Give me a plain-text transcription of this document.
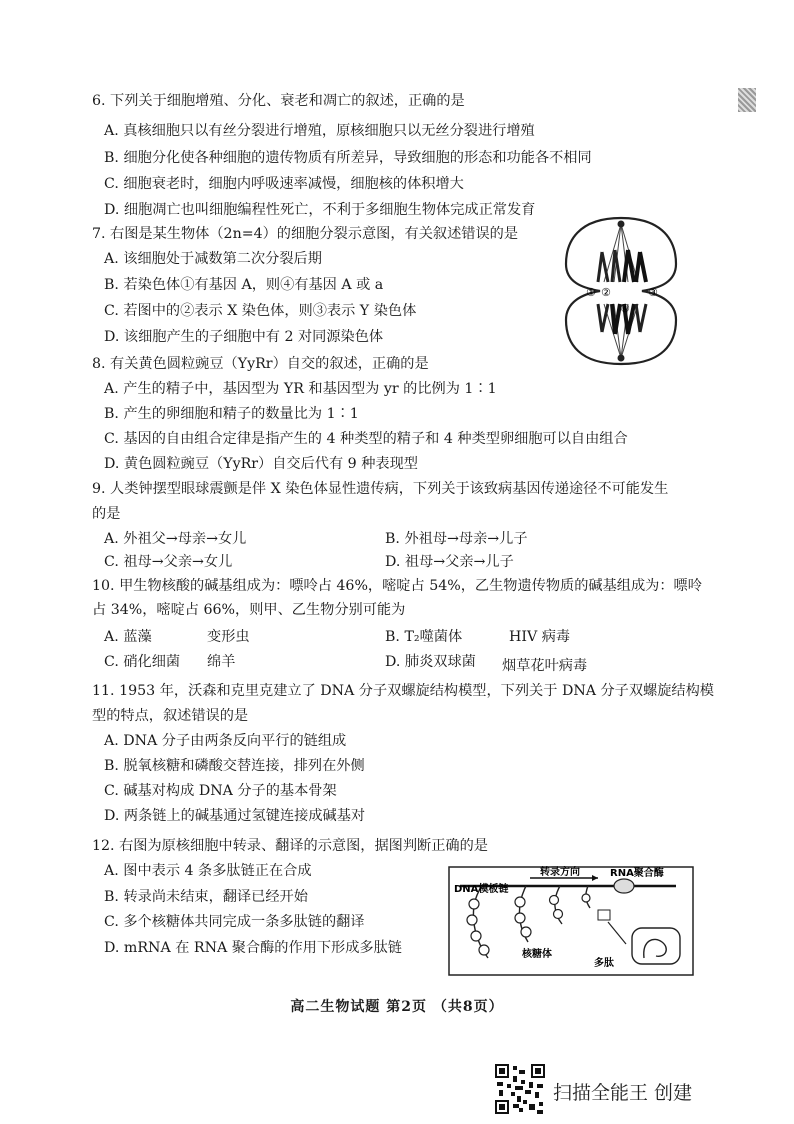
6. 下列关于细胞增殖、分化、衰老和凋亡的叙述，正确的是
A. 真核细胞只以有丝分裂进行增殖，原核细胞只以无丝分裂进行增殖
B. 细胞分化使各种细胞的遗传物质有所差异，导致细胞的形态和功能各不相同
C. 细胞衰老时，细胞内呼吸速率减慢，细胞核的体积增大
D. 细胞凋亡也叫细胞编程性死亡，不利于多细胞生物体完成正常发育
7. 右图是某生物体（2n=4）的细胞分裂示意图，有关叙述错误的是
A. 该细胞处于减数第二次分裂后期
B. 若染色体①有基因 A，则④有基因 A 或 a
C. 若图中的②表示 X 染色体，则③表示 Y 染色体
D. 该细胞产生的子细胞中有 2 对同源染色体
① ②	③
④
8. 有关黄色圆粒豌豆（YyRr）自交的叙述，正确的是
A. 产生的精子中，基因型为 YR 和基因型为 yr 的比例为 1∶1
B. 产生的卵细胞和精子的数量比为 1∶1
C. 基因的自由组合定律是指产生的 4 种类型的精子和 4 种类型卵细胞可以自由组合
D. 黄色圆粒豌豆（YyRr）自交后代有 9 种表现型
9. 人类钟摆型眼球震颤是伴 X 染色体显性遗传病，下列关于该致病基因传递途径不可能发生
的是
A. 外祖父→母亲→女儿	B. 外祖母→母亲→儿子
C. 祖母→父亲→女儿	D. 祖母→父亲→儿子
10. 甲生物核酸的碱基组成为：嘌呤占 46%，嘧啶占 54%，乙生物遗传物质的碱基组成为：嘌呤
占 34%，嘧啶占 66%，则甲、乙生物分别可能为
A. 蓝藻	变形虫	B. T₂噬菌体	HIV 病毒
C. 硝化细菌 绵羊	D. 肺炎双球菌 烟草花叶病毒
11. 1953 年，沃森和克里克建立了 DNA 分子双螺旋结构模型，下列关于 DNA 分子双螺旋结构模
型的特点，叙述错误的是
A. DNA 分子由两条反向平行的链组成
B. 脱氧核糖和磷酸交替连接，排列在外侧
C. 碱基对构成 DNA 分子的基本骨架
D. 两条链上的碱基通过氢键连接成碱基对
12. 右图为原核细胞中转录、翻译的示意图，据图判断正确的是
A. 图中表示 4 条多肽链正在合成
B. 转录尚未结束，翻译已经开始
C. 多个核糖体共同完成一条多肽链的翻译
D. mRNA 在 RNA 聚合酶的作用下形成多肽链
DNA模板链
转录方向	RNA聚合酶
核糖体
多肽
高二生物试题 第2页 （共8页）
扫描全能王 创建
